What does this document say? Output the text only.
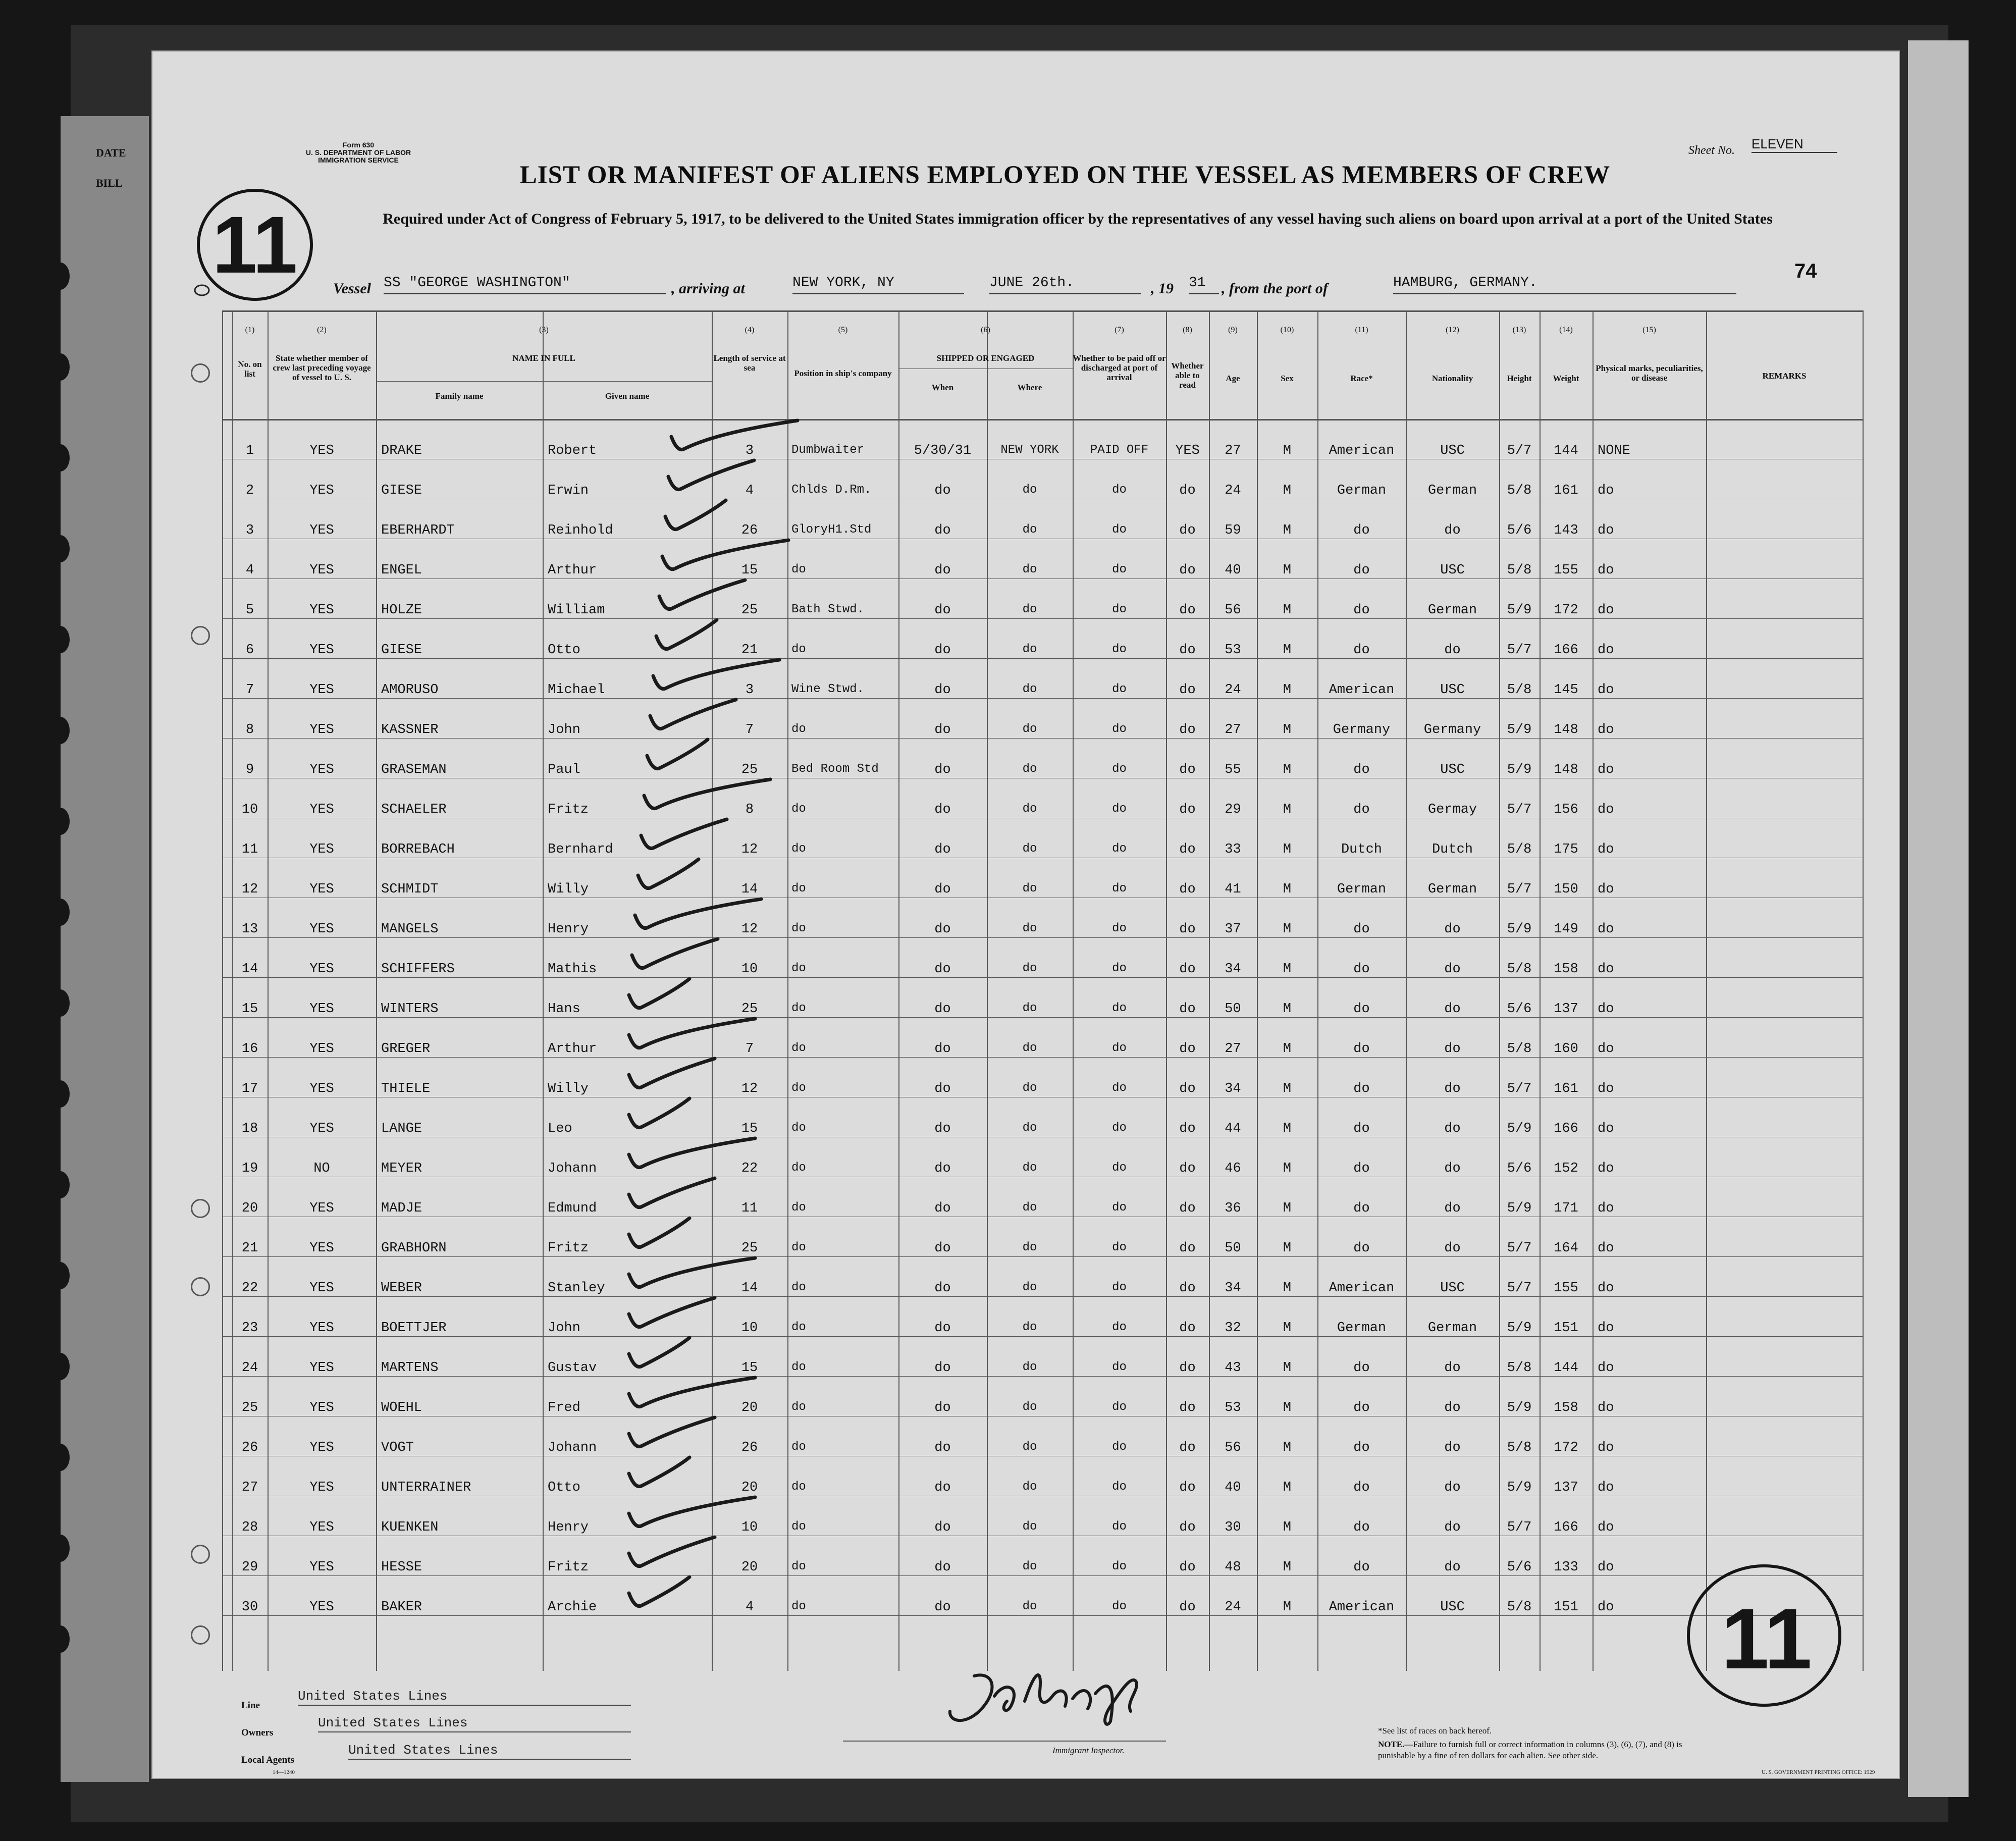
DATE
BILL
Form 630
U. S. DEPARTMENT OF LABOR
IMMIGRATION SERVICE
LIST OR MANIFEST OF ALIENS EMPLOYED ON THE VESSEL AS MEMBERS OF CREW
Required under Act of Congress of February 5, 1917, to be delivered to the United States immigration officer by the representatives of any vessel having such aliens on board upon arrival at a port of the United States
Sheet No. ELEVEN
74
11 Vessel SS "GEORGE WASHINGTON"	, arriving at	NEW YORK, NY	JUNE 26th.	, 19 31	, from the port of	HAMBURG, GERMANY.
(1)	(2)	(3)	(4)	(5)	(6)	(7)	(8)	(9)	(10)	(11)	(12)	(13)	(14)	(15)
No. on list
State whether member of crew last preceding voyage of vessel to U. S.
NAME IN FULL
Family name	Given name
Length of service at sea
Position in ship's company
SHIPPED OR ENGAGED
When	Where
Whether to be paid off or discharged at port of arrival
Whether able to read
Age	Sex	Race*	Nationality	Height	Weight
Physical marks, peculiarities, or disease	REMARKS
1	YES	DRAKE	Robert	3	Dumbwaiter	5/30/31	NEW YORK	PAID OFF	YES	27	M	American	USC	5/7	144	NONE
2	YES	GIESE	Erwin	4	Chlds D.Rm.	do	do	do	do	24	M	German	German	5/8	161	do
3	YES	EBERHARDT	Reinhold	26	GloryH1.Std	do	do	do	do	59	M	do	do	5/6	143	do
4	YES	ENGEL	Arthur	15	do	do	do	do	do	40	M	do	USC	5/8	155	do
5	YES	HOLZE	William	25	Bath Stwd.	do	do	do	do	56	M	do	German	5/9	172	do
6	YES	GIESE	Otto	21	do	do	do	do	do	53	M	do	do	5/7	166	do
7	YES	AMORUSO	Michael	3	Wine Stwd.	do	do	do	do	24	M	American	USC	5/8	145	do
8	YES	KASSNER	John	7	do	do	do	do	do	27	M	Germany	Germany	5/9	148	do
9	YES	GRASEMAN	Paul	25	Bed Room Std	do	do	do	do	55	M	do	USC	5/9	148	do
10	YES	SCHAELER	Fritz	8	do	do	do	do	do	29	M	do	Germay	5/7	156	do
11	YES	BORREBACH	Bernhard	12	do	do	do	do	do	33	M	Dutch	Dutch	5/8	175	do
12	YES	SCHMIDT	Willy	14	do	do	do	do	do	41	M	German	German	5/7	150	do
13	YES	MANGELS	Henry	12	do	do	do	do	do	37	M	do	do	5/9	149	do
14	YES	SCHIFFERS	Mathis	10	do	do	do	do	do	34	M	do	do	5/8	158	do
15	YES	WINTERS	Hans	25	do	do	do	do	do	50	M	do	do	5/6	137	do
16	YES	GREGER	Arthur	7	do	do	do	do	do	27	M	do	do	5/8	160	do
17	YES	THIELE	Willy	12	do	do	do	do	do	34	M	do	do	5/7	161	do
18	YES	LANGE	Leo	15	do	do	do	do	do	44	M	do	do	5/9	166	do
19	NO	MEYER	Johann	22	do	do	do	do	do	46	M	do	do	5/6	152	do
20	YES	MADJE	Edmund	11	do	do	do	do	do	36	M	do	do	5/9	171	do
21	YES	GRABHORN	Fritz	25	do	do	do	do	do	50	M	do	do	5/7	164	do
22	YES	WEBER	Stanley	14	do	do	do	do	do	34	M	American	USC	5/7	155	do
23	YES	BOETTJER	John	10	do	do	do	do	do	32	M	German	German	5/9	151	do
24	YES	MARTENS	Gustav	15	do	do	do	do	do	43	M	do	do	5/8	144	do
25	YES	WOEHL	Fred	20	do	do	do	do	do	53	M	do	do	5/9	158	do
26	YES	VOGT	Johann	26	do	do	do	do	do	56	M	do	do	5/8	172	do
27	YES	UNTERRAINER	Otto	20	do	do	do	do	do	40	M	do	do	5/9	137	do
28	YES	KUENKEN	Henry	10	do	do	do	do	do	30	M	do	do	5/7	166	do
29	YES	HESSE	Fritz	20	do	do	do	do	do	48	M	do	do	5/6	133	do
30	YES	BAKER	Archie	4	do	do	do	do	do	24	M	American	USC	5/8	151	do	11
Line
United States Lines
Owners
United States Lines
Local Agents
United States Lines
14—1240
Immigrant Inspector.
*See list of races on back hereof.
NOTE.—Failure to furnish full or correct information in columns (3), (6), (7), and (8) is punishable by a fine of ten dollars for each alien. See other side.
U. S. GOVERNMENT PRINTING OFFICE: 1929
